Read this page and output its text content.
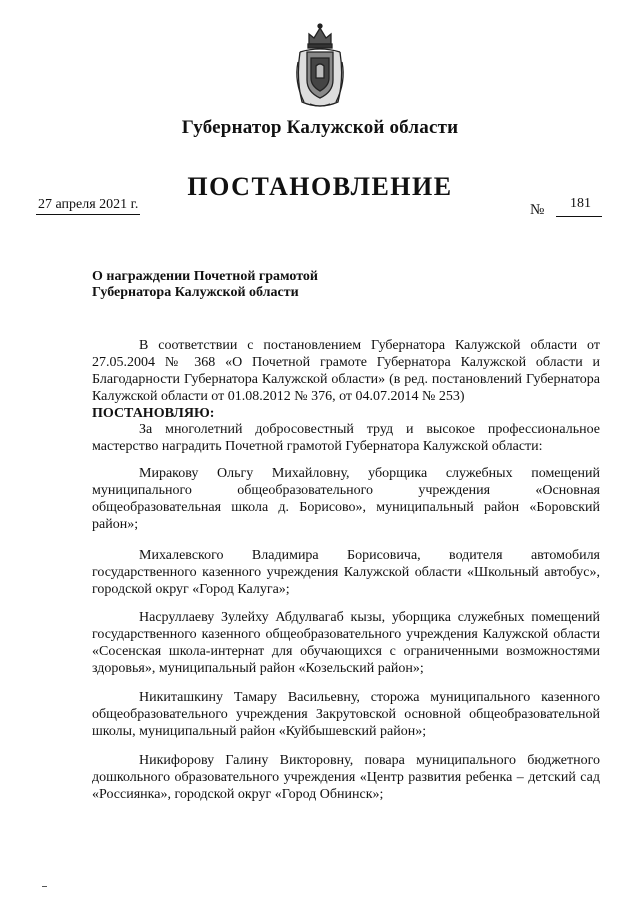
Губернатор Калужской области
ПОСТАНОВЛЕНИЕ
27 апреля 2021 г.	№ 181
О награждении Почетной грамотой
Губернатора Калужской области
В соответствии с постановлением Губернатора Калужской области от 27.05.2004 № 368 «О Почетной грамоте Губернатора Калужской области и Благодарности Губернатора Калужской области» (в ред. постановлений Губернатора Калужской области от 01.08.2012 № 376, от 04.07.2014 № 253)
ПОСТАНОВЛЯЮ:
За многолетний добросовестный труд и высокое профессиональное мастерство наградить Почетной грамотой Губернатора Калужской области:
Миракову Ольгу Михайловну, уборщика служебных помещений муниципального общеобразовательного учреждения «Основная общеобразовательная школа д. Борисово», муниципальный район «Боровский район»;
Михалевского Владимира Борисовича, водителя автомобиля государственного казенного учреждения Калужской области «Школьный автобус», городской округ «Город Калуга»;
Насруллаеву Зулейху Абдулвагаб кызы, уборщика служебных помещений государственного казенного общеобразовательного учреждения Калужской области «Сосенская школа-интернат для обучающихся с ограниченными возможностями здоровья», муниципальный район «Козельский район»;
Никиташкину Тамару Васильевну, сторожа муниципального казенного общеобразовательного учреждения Закрутовской основной общеобразовательной школы, муниципальный район «Куйбышевский район»;
Никифорову Галину Викторовну, повара муниципального бюджетного дошкольного образовательного учреждения «Центр развития ребенка – детский сад «Россиянка», городской округ «Город Обнинск»;
